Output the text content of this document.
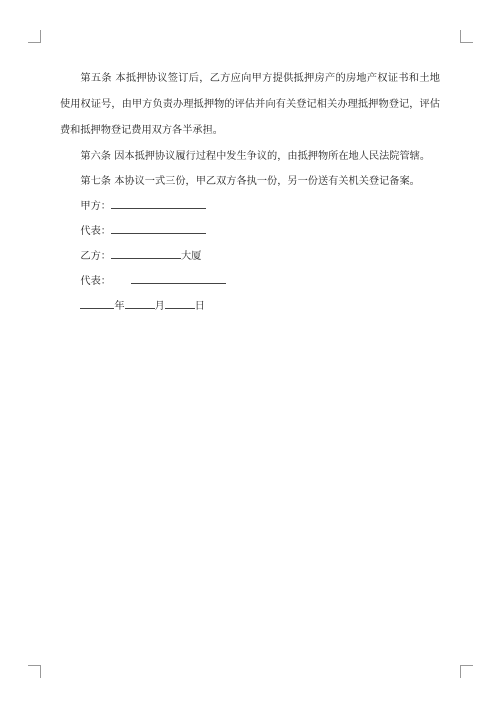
第五条 本抵押协议签订后，乙方应向甲方提供抵押房产的房地产权证书和土地使用权证号，由甲方负责办理抵押物的评估并向有关登记相关办理抵押物登记，评估费和抵押物登记费用双方各半承担。

第六条 因本抵押协议履行过程中发生争议的，由抵押物所在地人民法院管辖。

第七条 本协议一式三份，甲乙双方各执一份，另一份送有关机关登记备案。

甲方：
代表：
乙方：	大厦
代表：
年	月	日
